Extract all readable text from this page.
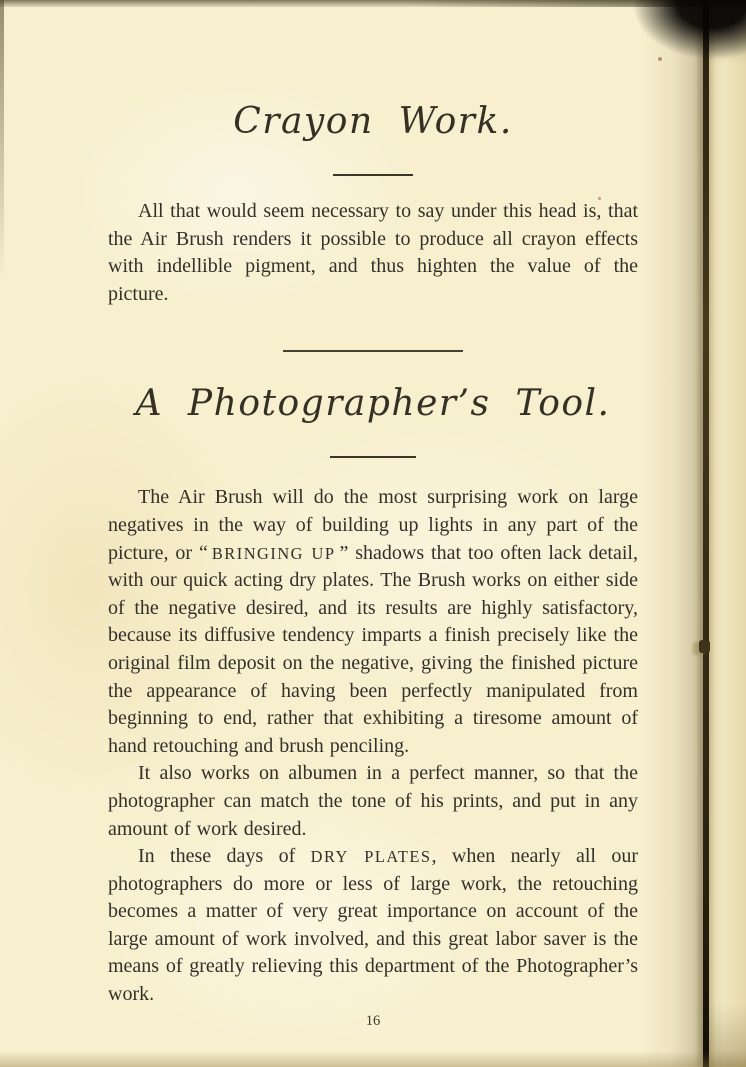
Crayon Work.

All that would seem necessary to say under this head is, that the Air Brush renders it possible to produce all crayon effects with indellible pigment, and thus highten the value of the picture.

A Photographer’s Tool.

The Air Brush will do the most surprising work on large negatives in the way of building up lights in any part of the picture, or “ BRINGING UP ” shadows that too often lack detail, with our quick acting dry plates. The Brush works on either side of the negative desired, and its results are highly satisfactory, because its diffusive tendency imparts a finish precisely like the original film deposit on the negative, giving the finished picture the appearance of having been perfectly manipulated from beginning to end, rather that exhibiting a tiresome amount of hand retouching and brush penciling.

It also works on albumen in a perfect manner, so that the photographer can match the tone of his prints, and put in any amount of work desired.

In these days of DRY PLATES, when nearly all our photographers do more or less of large work, the retouching becomes a matter of very great importance on account of the large amount of work involved, and this great labor saver is the means of greatly relieving this department of the Photographer’s work.

16
